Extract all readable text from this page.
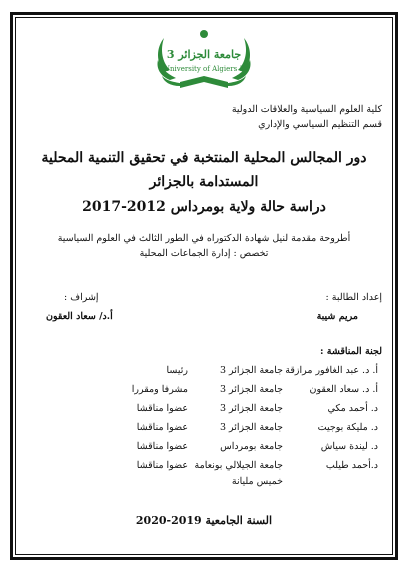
جامعة الجزائر 3
University of Algiers 3
كلية العلوم السياسية والعلاقات الدولية
قسم التنظيم السياسي والإداري
دور المجالس المحلية المنتخبة في تحقيق التنمية المحلية
المستدامة بالجزائر
دراسة حالة ولاية بومرداس 2012-2017
أطروحة مقدمة لنيل شهادة الدكتوراه في الطور الثالث في العلوم السياسية
تخصص : إدارة الجماعات المحلية
إعداد الطالبة :
مريم شيبة
إشراف :
أ.د/ سعاد العقون
لجنة المناقشة :
أ. د. عبد الغافور مرازقة
جامعة الجزائر 3
رئيسا
أ. د. سعاد العقون
جامعة الجزائر 3
مشرفا ومقررا
د. أحمد مكي
جامعة الجزائر 3
عضوا مناقشا
د. مليكة بوجيت
جامعة الجزائر 3
عضوا مناقشا
د. ليندة سياش
جامعة بومرداس
عضوا مناقشا
د.أحمد طيلب
جامعة الجيلالي بونعامة
عضوا مناقشا
خميس مليانة
السنة الجامعية 2019-2020
